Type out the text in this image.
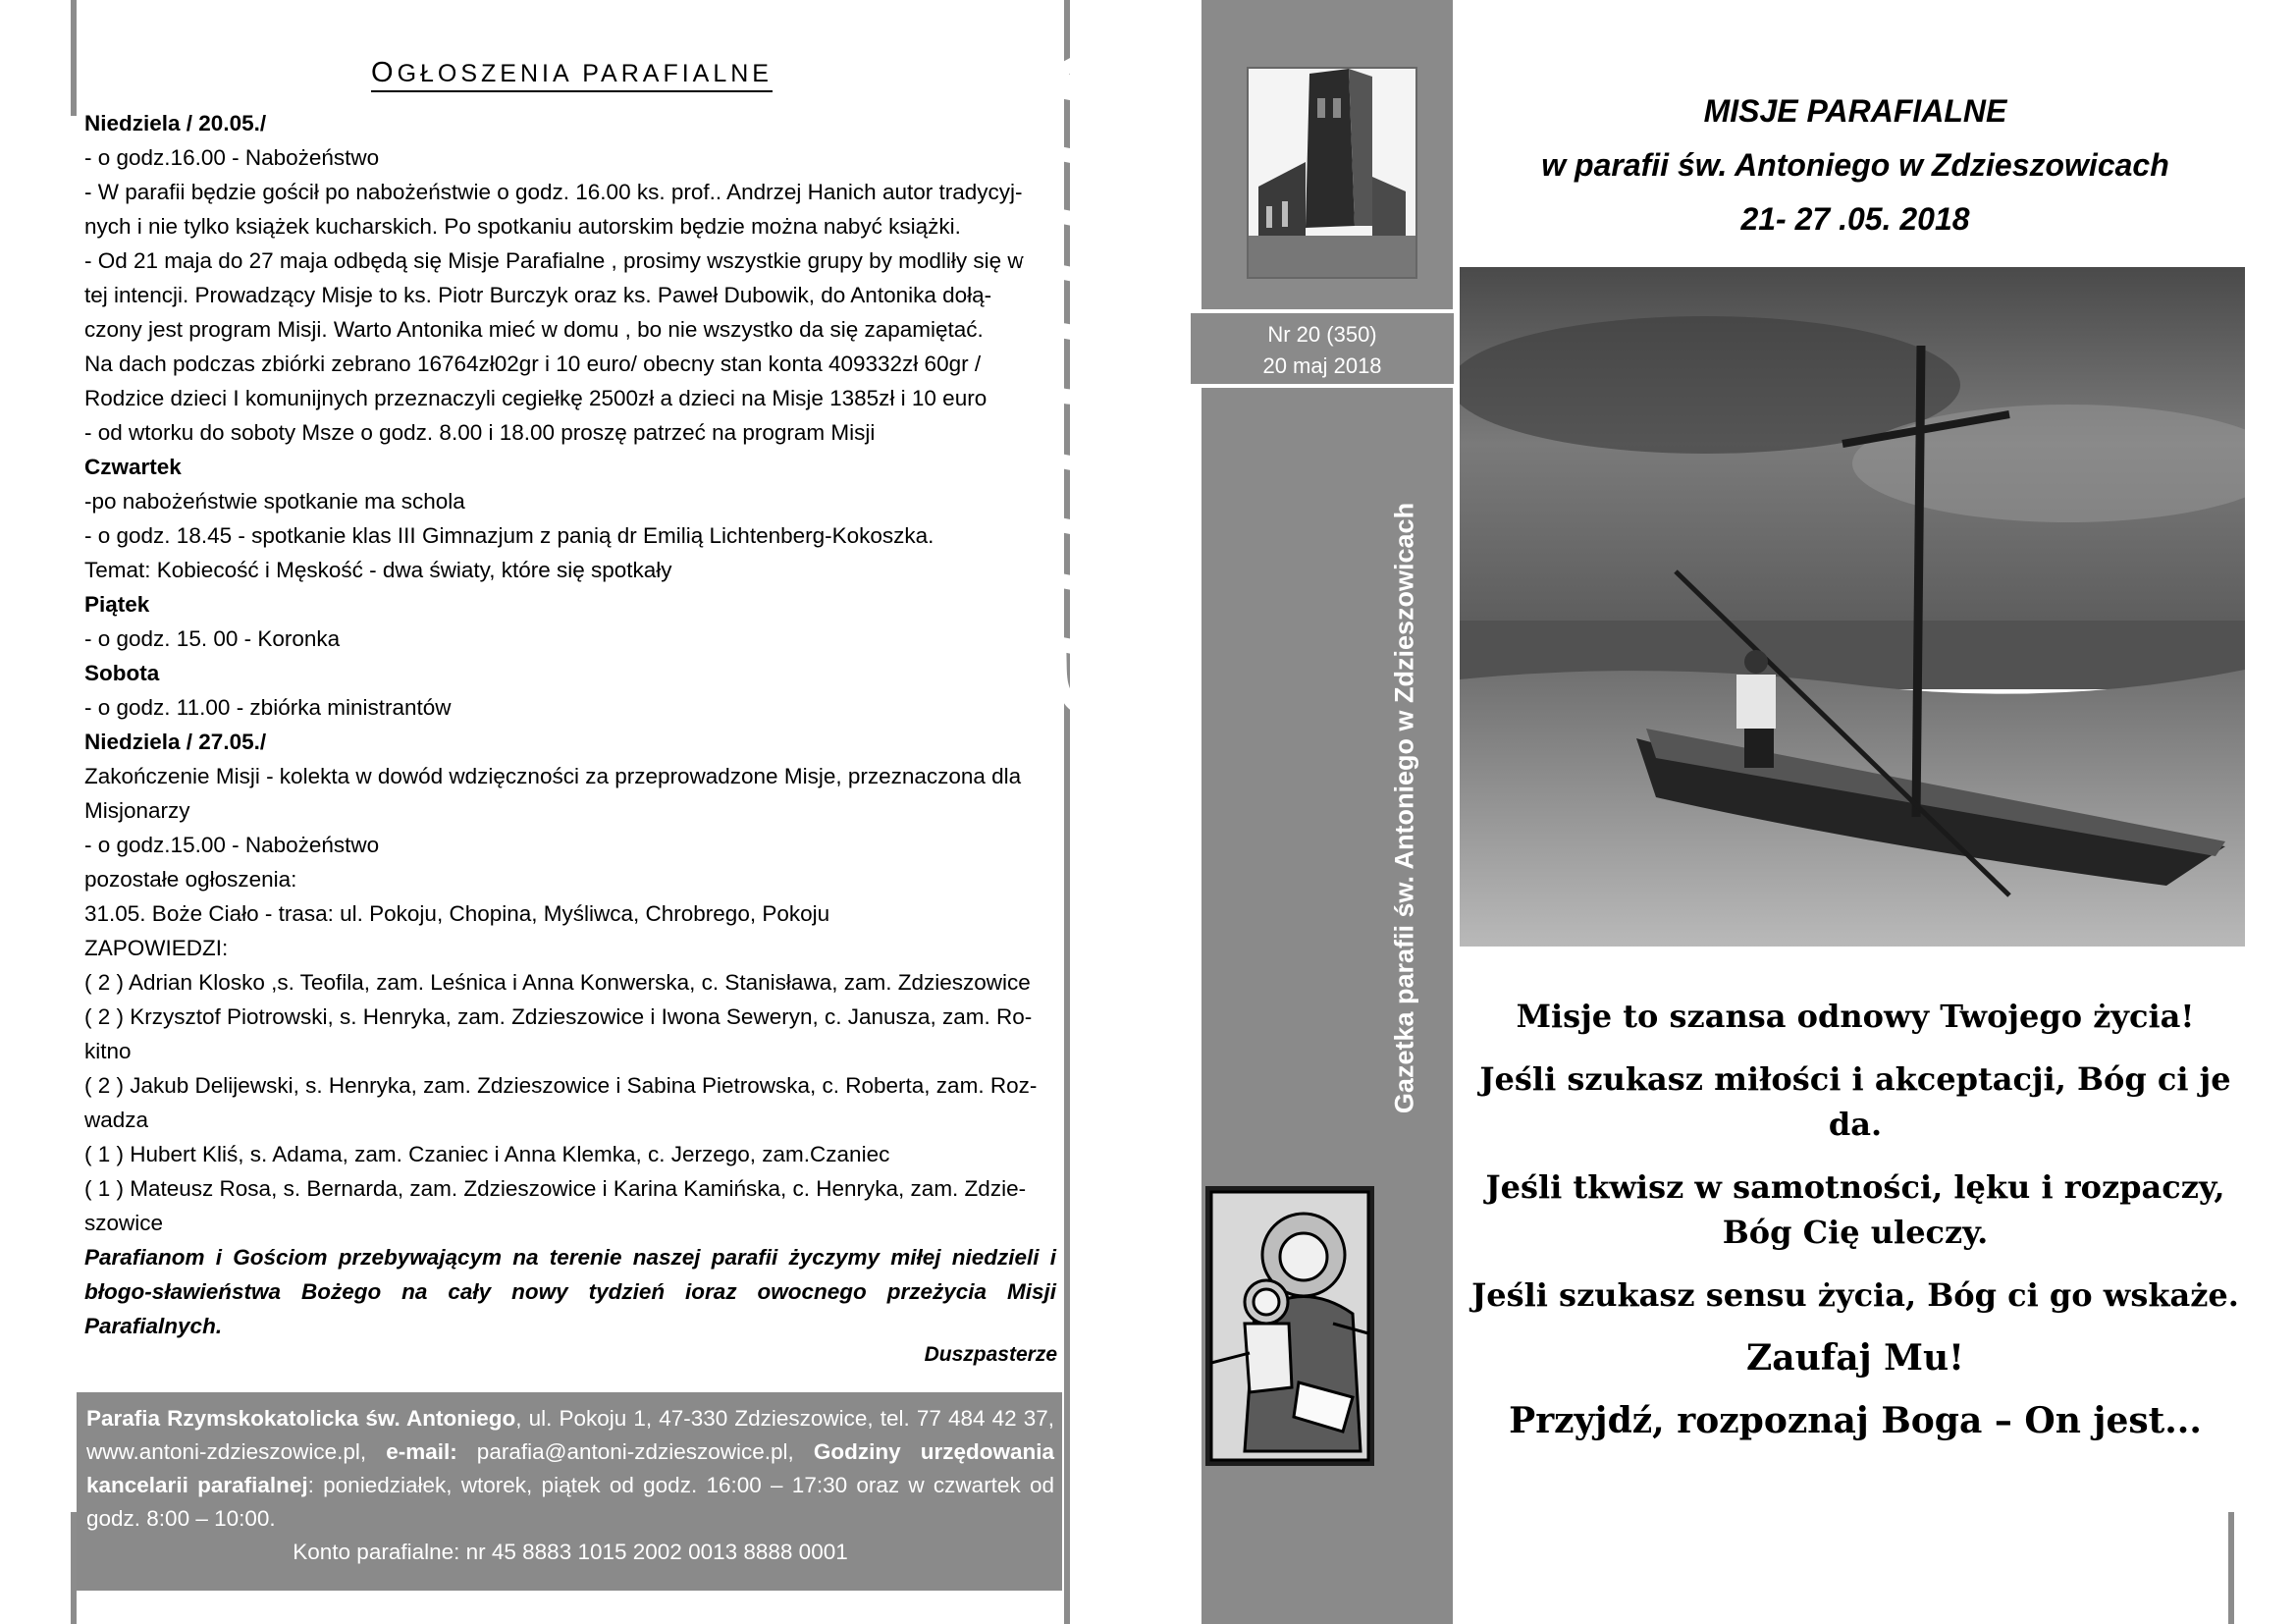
OGŁOSZENIA PARAFIALNE
Niedziela / 20.05./
- o godz.16.00 - Nabożeństwo
- W parafii będzie gościł po nabożeństwie o godz. 16.00 ks. prof.. Andrzej Hanich autor tradycyj-
nych i nie tylko książek kucharskich. Po spotkaniu autorskim będzie można nabyć książki.
- Od 21 maja do 27 maja odbędą się Misje Parafialne , prosimy wszystkie grupy by modliły się w
tej intencji. Prowadzący Misje to ks. Piotr Burczyk oraz ks. Paweł Dubowik, do Antonika dołą-
czony jest program Misji. Warto Antonika mieć w domu , bo nie wszystko da się zapamiętać.
Na dach podczas zbiórki zebrano 16764zł02gr i 10 euro/ obecny stan konta 409332zł 60gr /
Rodzice dzieci I komunijnych przeznaczyli cegiełkę 2500zł a dzieci na Misje 1385zł i 10 euro
- od wtorku do soboty Msze o godz. 8.00 i 18.00 proszę patrzeć na program Misji
Czwartek
-po nabożeństwie spotkanie ma schola
- o godz. 18.45 - spotkanie klas III Gimnazjum z panią dr Emilią Lichtenberg-Kokoszka.
Temat: Kobiecość i Męskość - dwa światy, które się spotkały
Piątek
- o godz. 15. 00 - Koronka
Sobota
- o godz. 11.00 - zbiórka ministrantów
Niedziela / 27.05./
Zakończenie Misji - kolekta w dowód wdzięczności za przeprowadzone Misje, przeznaczona dla
Misjonarzy
- o godz.15.00 - Nabożeństwo
pozostałe ogłoszenia:
31.05. Boże Ciało - trasa: ul. Pokoju, Chopina, Myśliwca, Chrobrego, Pokoju
ZAPOWIEDZI:
( 2 ) Adrian Klosko ,s. Teofila, zam. Leśnica i Anna Konwerska, c. Stanisława, zam. Zdzieszowice
( 2 ) Krzysztof Piotrowski, s. Henryka, zam. Zdzieszowice i Iwona Seweryn, c. Janusza, zam. Ro-
kitno
( 2 ) Jakub Delijewski, s. Henryka, zam. Zdzieszowice i Sabina Pietrowska, c. Roberta, zam. Roz-
wadza
( 1 ) Hubert Kliś, s. Adama, zam. Czaniec i Anna Klemka, c. Jerzego, zam.Czaniec
( 1 ) Mateusz Rosa, s. Bernarda, zam. Zdzieszowice i Karina Kamińska, c. Henryka, zam. Zdzie-
szowice
Parafianom i Gościom przebywającym na terenie naszej parafii życzymy miłej niedzieli i błogo-sławieństwa Bożego na cały nowy tydzień ioraz owocnego przeżycia Misji Parafialnych.
Duszpasterze

Parafia Rzymskokatolicka św. Antoniego, ul. Pokoju 1, 47-330 Zdzieszowice, tel. 77 484 42 37, www.antoni-zdzieszowice.pl, e-mail: parafia@antoni-zdzieszowice.pl, Godziny urzędowania kancelarii parafialnej: poniedziałek, wtorek, piątek od godz. 16:00 – 17:30 oraz w czwartek od godz. 8:00 – 10:00.

Konto parafialne: nr 45 8883 1015 2002 0013 8888 0001

Nr 20 (350)
20 maj 2018
antonik
Gazetka parafii św. Antoniego w Zdzieszowicach
MISJE PARAFIALNE
w parafii św. Antoniego w Zdzieszowicach
21- 27 .05. 2018

Misje to szansa odnowy Twojego życia!

Jeśli szukasz miłości i akceptacji, Bóg ci je da.

Jeśli tkwisz w samotności, lęku i rozpaczy, Bóg Cię uleczy.

Jeśli szukasz sensu życia, Bóg ci go wskaże.

Zaufaj Mu!

Przyjdź, rozpoznaj Boga – On jest...
